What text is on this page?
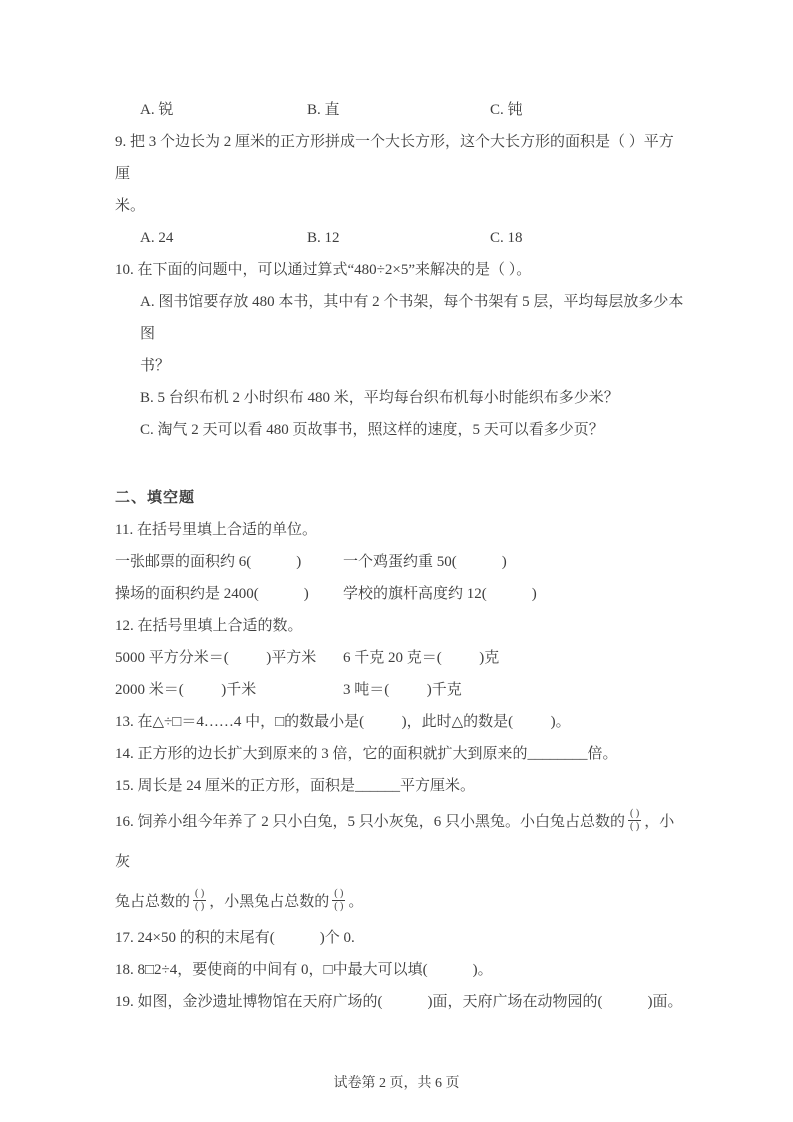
A. 锐	B. 直	C. 钝
9. 把 3 个边长为 2 厘米的正方形拼成一个大长方形，这个大长方形的面积是（ ）平方厘
米。
A. 24	B. 12	C. 18
10. 在下面的问题中，可以通过算式“480÷2×5”来解决的是（ ）。
A. 图书馆要存放 480 本书，其中有 2 个书架，每个书架有 5 层，平均每层放多少本图
书？
B. 5 台织布机 2 小时织布 480 米，平均每台织布机每小时能织布多少米？
C. 淘气 2 天可以看 480 页故事书，照这样的速度，5 天可以看多少页？
二、填空题
11. 在括号里填上合适的单位。
一张邮票的面积约 6(            )	一个鸡蛋约重 50(            )
操场的面积约是 2400(            )	学校的旗杆高度约 12(            )
12. 在括号里填上合适的数。
5000 平方分米＝(          )平方米	6 千克 20 克＝(          )克
2000 米＝(          )千米	3 吨＝(          )千克
13. 在△÷□＝4……4 中，□的数最小是(          )，此时△的数是(          )。
14. 正方形的边长扩大到原来的 3 倍，它的面积就扩大到原来的________倍。
15. 周长是 24 厘米的正方形，面积是______平方厘米。
16. 饲养小组今年养了 2 只小白兔，5 只小灰兔，6 只小黑兔。小白兔占总数的 $\frac{( )}{( )}$ ，小灰
兔占总数的 $\frac{( )}{( )}$ ，小黑兔占总数的 $\frac{( )}{( )}$ 。
17. 24×50 的积的末尾有(            )个 0.
18. 8□2÷4，要使商的中间有 0，□中最大可以填(            )。
19. 如图，金沙遗址博物馆在天府广场的(            )面，天府广场在动物园的(            )面。
试卷第 2 页，共 6 页
